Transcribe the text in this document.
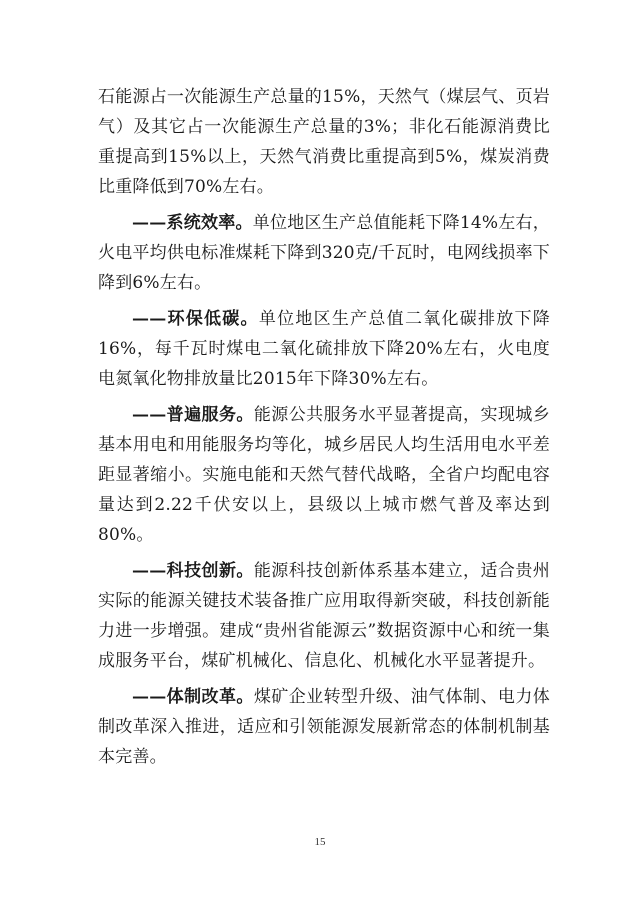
石能源占一次能源生产总量的15%，天然气（煤层气、页岩气）及其它占一次能源生产总量的3%；非化石能源消费比重提高到15%以上，天然气消费比重提高到5%，煤炭消费比重降低到70%左右。

——系统效率。单位地区生产总值能耗下降14%左右，火电平均供电标准煤耗下降到320克/千瓦时，电网线损率下降到6%左右。

——环保低碳。单位地区生产总值二氧化碳排放下降16%，每千瓦时煤电二氧化硫排放下降20%左右，火电度电氮氧化物排放量比2015年下降30%左右。

——普遍服务。能源公共服务水平显著提高，实现城乡基本用电和用能服务均等化，城乡居民人均生活用电水平差距显著缩小。实施电能和天然气替代战略，全省户均配电容量达到2.22千伏安以上，县级以上城市燃气普及率达到80%。

——科技创新。能源科技创新体系基本建立，适合贵州实际的能源关键技术装备推广应用取得新突破，科技创新能力进一步增强。建成“贵州省能源云”数据资源中心和统一集成服务平台，煤矿机械化、信息化、机械化水平显著提升。

——体制改革。煤矿企业转型升级、油气体制、电力体制改革深入推进，适应和引领能源发展新常态的体制机制基本完善。

15
